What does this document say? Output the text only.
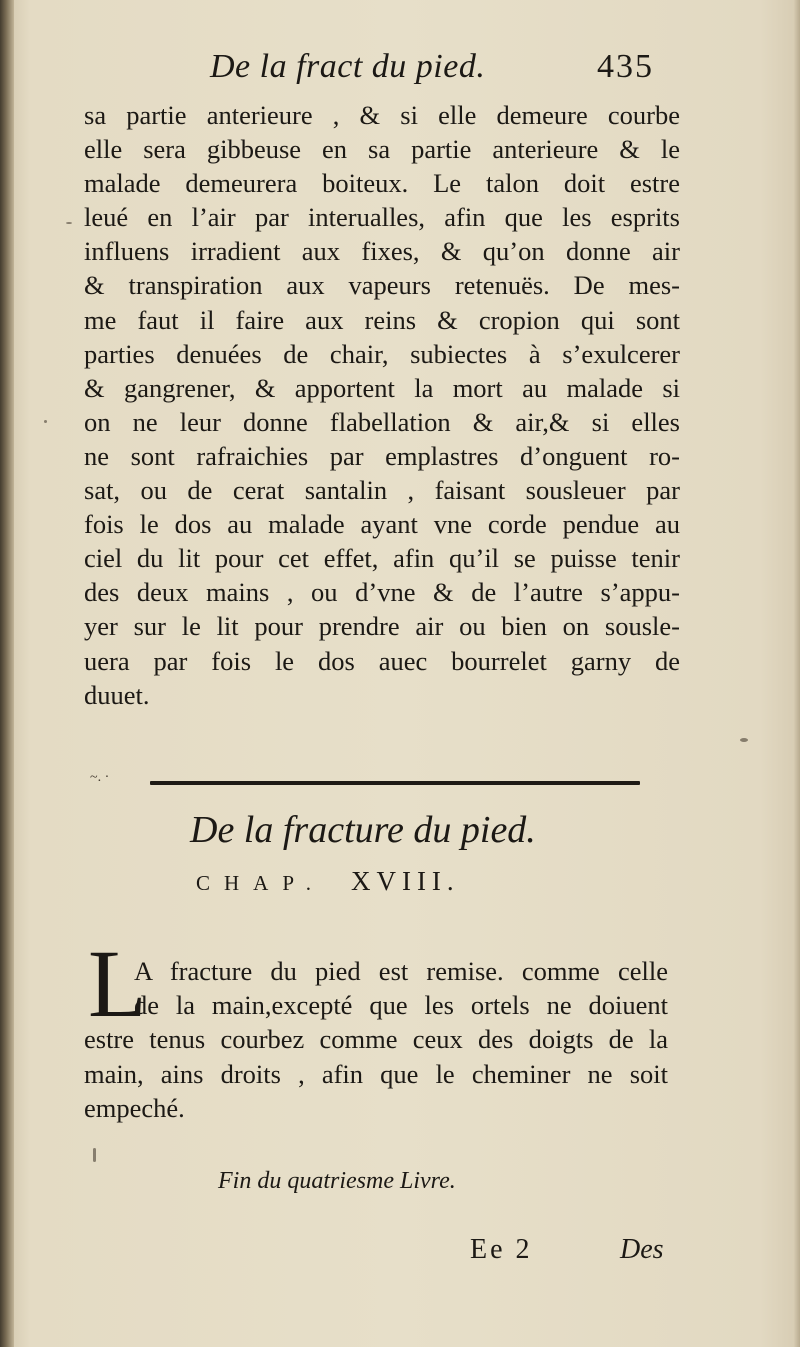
De la fract du pied.	435
sa partie anterieure , & si elle demeure courbe
elle sera gibbeuse en sa partie anterieure & le
malade demeurera boiteux. Le talon doit estre
leué en l’air par interualles, afin que les esprits
influens irradient aux fixes, & qu’on donne air
& transpiration aux vapeurs retenuës. De mes-
me faut il faire aux reins & cropion qui sont
parties denuées de chair, subiectes à s’exulcerer
& gangrener, & apportent la mort au malade si
on ne leur donne flabellation & air,& si elles
ne sont rafraichies par emplastres d’onguent ro-
sat, ou de cerat santalin , faisant sousleuer par
fois le dos au malade ayant vne corde pendue au
ciel du lit pour cet effet, afin qu’il se puisse tenir
des deux mains , ou d’vne & de l’autre s’appu-
yer sur le lit pour prendre air ou bien on sousle-
uera par fois le dos auec bourrelet garny de
duuet.
~. ·
De la fracture du pied.
CHAP. XVIII.
L
A fracture du pied est remise. comme celle
de la main,excepté que les ortels ne doiuent
estre tenus courbez comme ceux des doigts de la
main, ains droits , afin que le cheminer ne soit
empeché.
Fin du quatriesme Livre.
Ee 2	Des
